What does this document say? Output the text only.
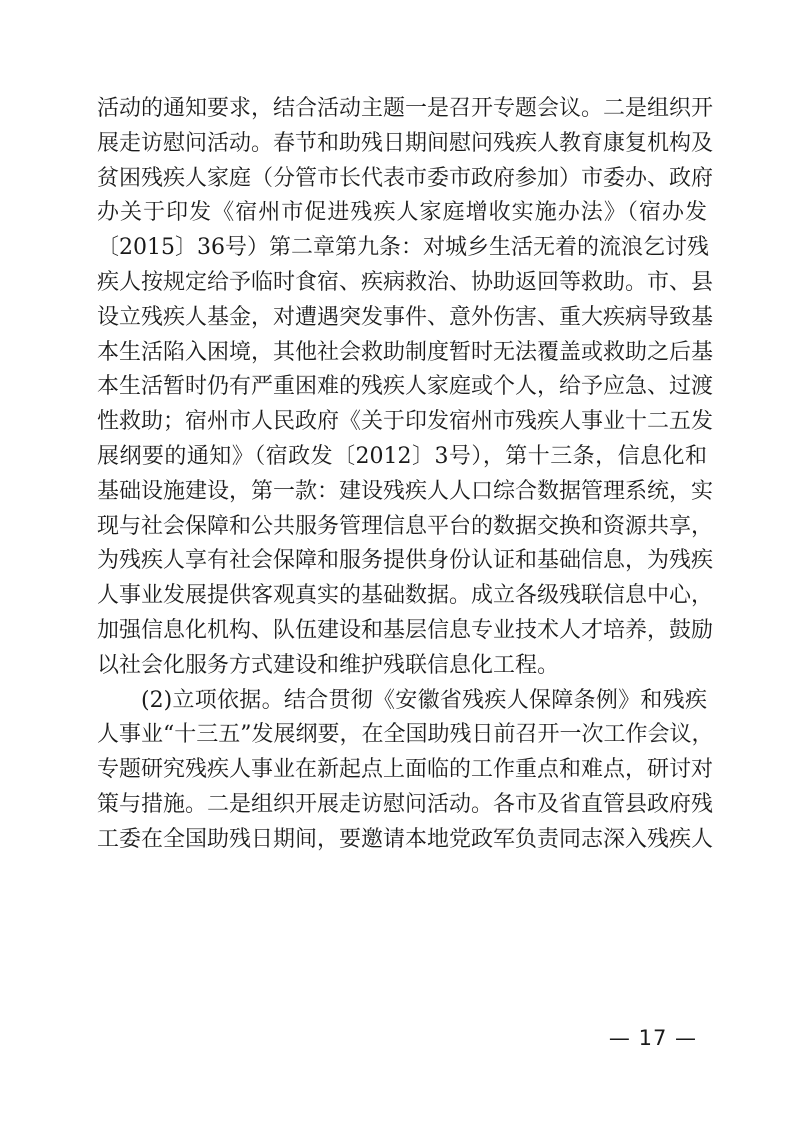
活动的通知要求，结合活动主题一是召开专题会议。二是组织开
展走访慰问活动。春节和助残日期间慰问残疾人教育康复机构及
贫困残疾人家庭（分管市长代表市委市政府参加）市委办、政府
办关于印发《宿州市促进残疾人家庭增收实施办法》（宿办发
〔2015〕36号）第二章第九条：对城乡生活无着的流浪乞讨残
疾人按规定给予临时食宿、疾病救治、协助返回等救助。市、县
设立残疾人基金，对遭遇突发事件、意外伤害、重大疾病导致基
本生活陷入困境，其他社会救助制度暂时无法覆盖或救助之后基
本生活暂时仍有严重困难的残疾人家庭或个人，给予应急、过渡
性救助；宿州市人民政府《关于印发宿州市残疾人事业十二五发
展纲要的通知》（宿政发〔2012〕3号），第十三条，信息化和
基础设施建设，第一款：建设残疾人人口综合数据管理系统，实
现与社会保障和公共服务管理信息平台的数据交换和资源共享，
为残疾人享有社会保障和服务提供身份认证和基础信息，为残疾
人事业发展提供客观真实的基础数据。成立各级残联信息中心，
加强信息化机构、队伍建设和基层信息专业技术人才培养，鼓励
以社会化服务方式建设和维护残联信息化工程。
(2)立项依据。结合贯彻《安徽省残疾人保障条例》和残疾
人事业“十三五”发展纲要，在全国助残日前召开一次工作会议，
专题研究残疾人事业在新起点上面临的工作重点和难点，研讨对
策与措施。二是组织开展走访慰问活动。各市及省直管县政府残
工委在全国助残日期间，要邀请本地党政军负责同志深入残疾人
— 17 —
